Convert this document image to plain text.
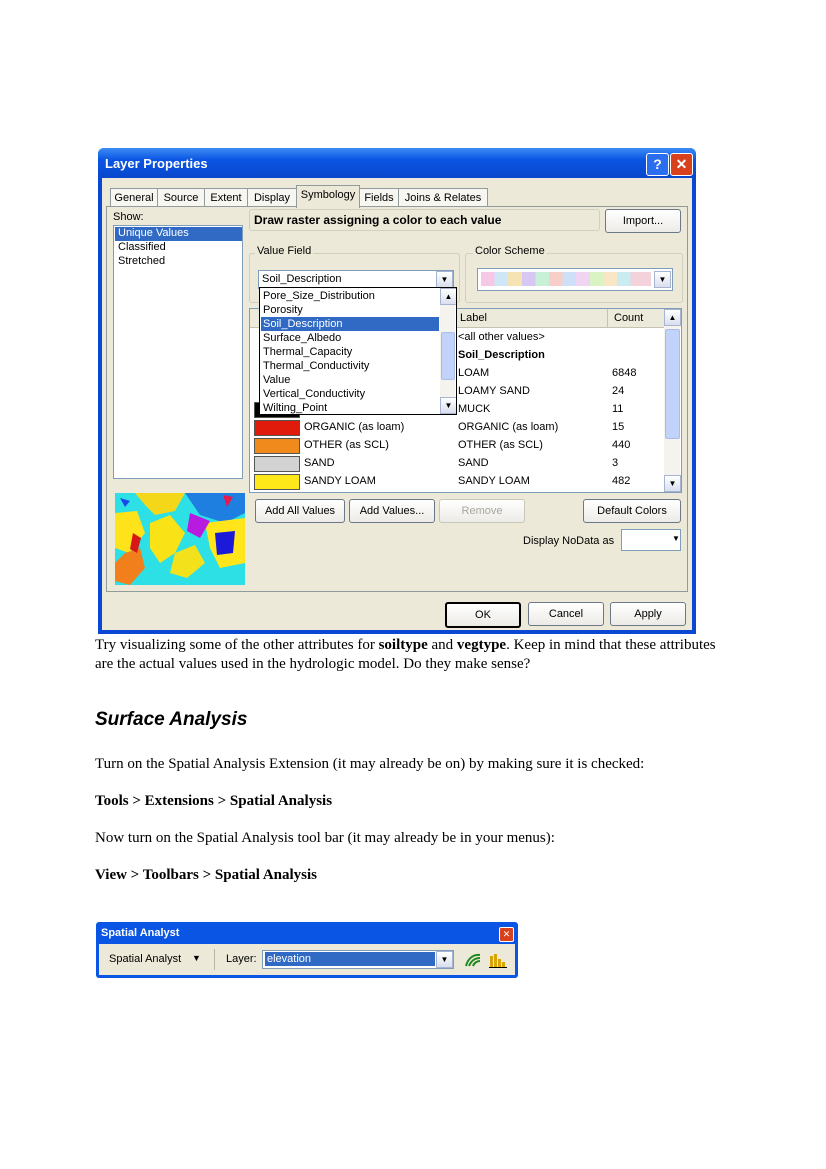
Layer Properties	? ✕
General Source	Extent	Display Symbology Fields	Joins & Relates
Show:
Unique Values
Classified
Stretched
Draw raster assigning a color to each value	Import...
Value Field
Soil_Description	▼
Color Scheme
▼
Label	Count
<all other values>
Soil_Description
LOAM	6848
LOAMY SAND	24
MUCK	11
ORGANIC (as loam)	ORGANIC (as loam)	15
OTHER (as SCL)	OTHER (as SCL)	440
SAND	SAND	3
SANDY LOAM	SANDY LOAM	482
▲
▼
Pore_Size_Distribution
Porosity
Soil_Description
Surface_Albedo
Thermal_Capacity
Thermal_Conductivity
Value
Vertical_Conductivity
Wilting_Point
▲
▼
Add All Values	Add Values...	Remove	Default Colors
Display NoData as	▼
OK	Cancel	Apply

Try visualizing some of the other attributes for soiltype and vegtype. Keep in mind that these attributes are the actual values used in the hydrologic model. Do they make sense?

Surface Analysis

Turn on the Spatial Analysis Extension (it may already be on) by making sure it is checked:

Tools > Extensions > Spatial Analysis

Now turn on the Spatial Analysis tool bar (it may already be in your menus):

View > Toolbars > Spatial Analysis

Spatial Analyst	✕
Spatial Analyst ▼ Layer: elevation	▼
